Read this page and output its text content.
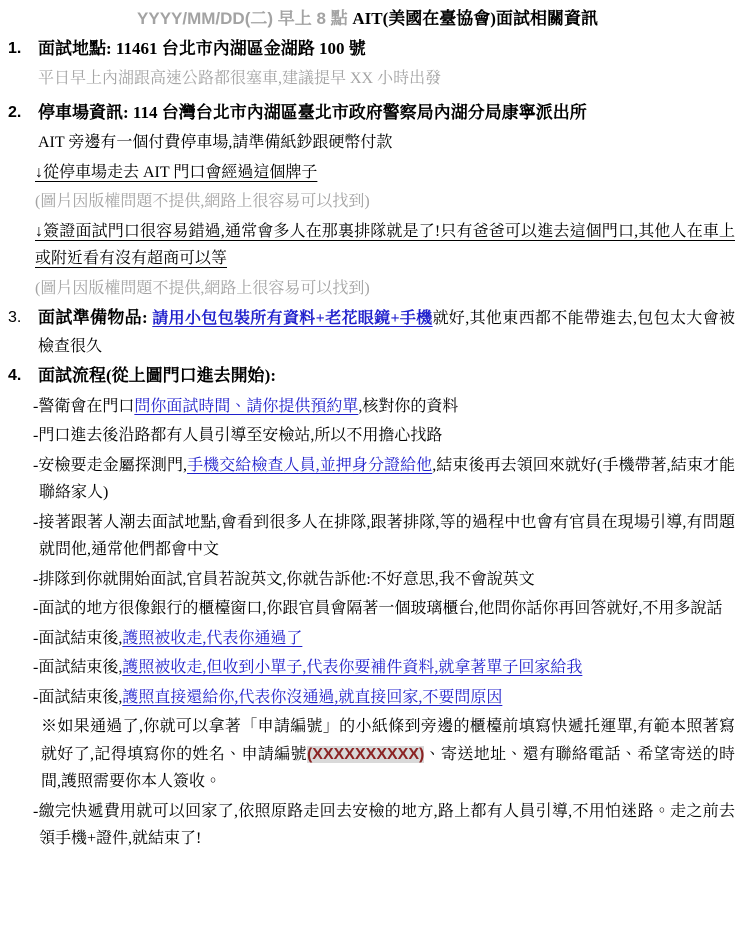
YYYY/MM/DD(二) 早上 8 點 AIT(美國在臺協會)面試相關資訊

1. 面試地點: 11461 台北市內湖區金湖路 100 號

平日早上內湖跟高速公路都很塞車,建議提早 XX 小時出發

2. 停車場資訊: 114 台灣台北市內湖區臺北市政府警察局內湖分局康寧派出所

AIT 旁邊有一個付費停車場,請準備紙鈔跟硬幣付款

↓從停車場走去 AIT 門口會經過這個牌子

(圖片因版權問題不提供,網路上很容易可以找到)

↓簽證面試門口很容易錯過,通常會多人在那裏排隊就是了!只有爸爸可以進去這個門口,其他人在車上或附近看有沒有超商可以等

(圖片因版權問題不提供,網路上很容易可以找到)

3. 面試準備物品: 請用小包包裝所有資料+老花眼鏡+手機就好,其他東西都不能帶進去,包包太大會被檢查很久

4. 面試流程(從上圖門口進去開始):

-警衛會在門口問你面試時間、請你提供預約單,核對你的資料

-門口進去後沿路都有人員引導至安檢站,所以不用擔心找路

-安檢要走金屬探測門,手機交給檢查人員,並押身分證給他,結束後再去領回來就好(手機帶著,結束才能聯絡家人)

-接著跟著人潮去面試地點,會看到很多人在排隊,跟著排隊,等的過程中也會有官員在現場引導,有問題就問他,通常他們都會中文

-排隊到你就開始面試,官員若說英文,你就告訴他:不好意思,我不會說英文

-面試的地方很像銀行的櫃檯窗口,你跟官員會隔著一個玻璃櫃台,他問你話你再回答就好,不用多說話

-面試結束後,護照被收走,代表你通過了

-面試結束後,護照被收走,但收到小單子,代表你要補件資料,就拿著單子回家給我

-面試結束後,護照直接還給你,代表你沒通過,就直接回家,不要問原因

※如果通過了,你就可以拿著「申請編號」的小紙條到旁邊的櫃檯前填寫快遞托運單,有範本照著寫就好了,記得填寫你的姓名、申請編號(XXXXXXXXXX)、寄送地址、還有聯絡電話、希望寄送的時間,護照需要你本人簽收。

-繳完快遞費用就可以回家了,依照原路走回去安檢的地方,路上都有人員引導,不用怕迷路。走之前去領手機+證件,就結束了!
